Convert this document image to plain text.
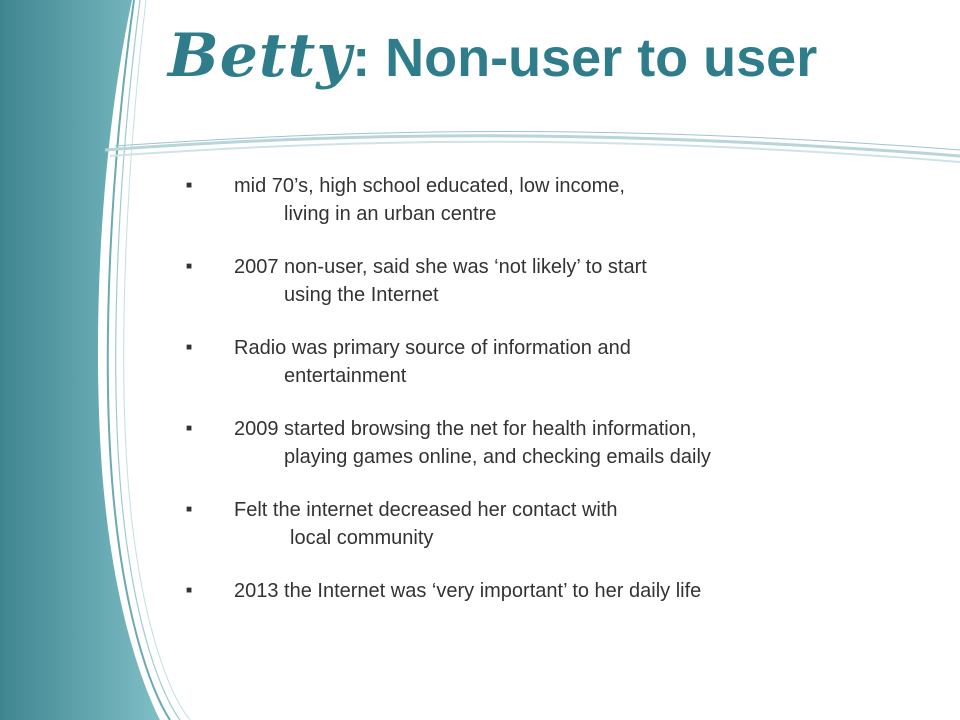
Betty: Non-user to user
■	mid 70’s, high school educated, low income,
living in an urban centre
■	2007 non-user, said she was ‘not likely’ to start
using the Internet
■	Radio was primary source of information and
entertainment
■	2009 started browsing the net for health information,
playing games online, and checking emails daily
■	Felt the internet decreased her contact with
local community
■	2013 the Internet was ‘very important’ to her daily life
